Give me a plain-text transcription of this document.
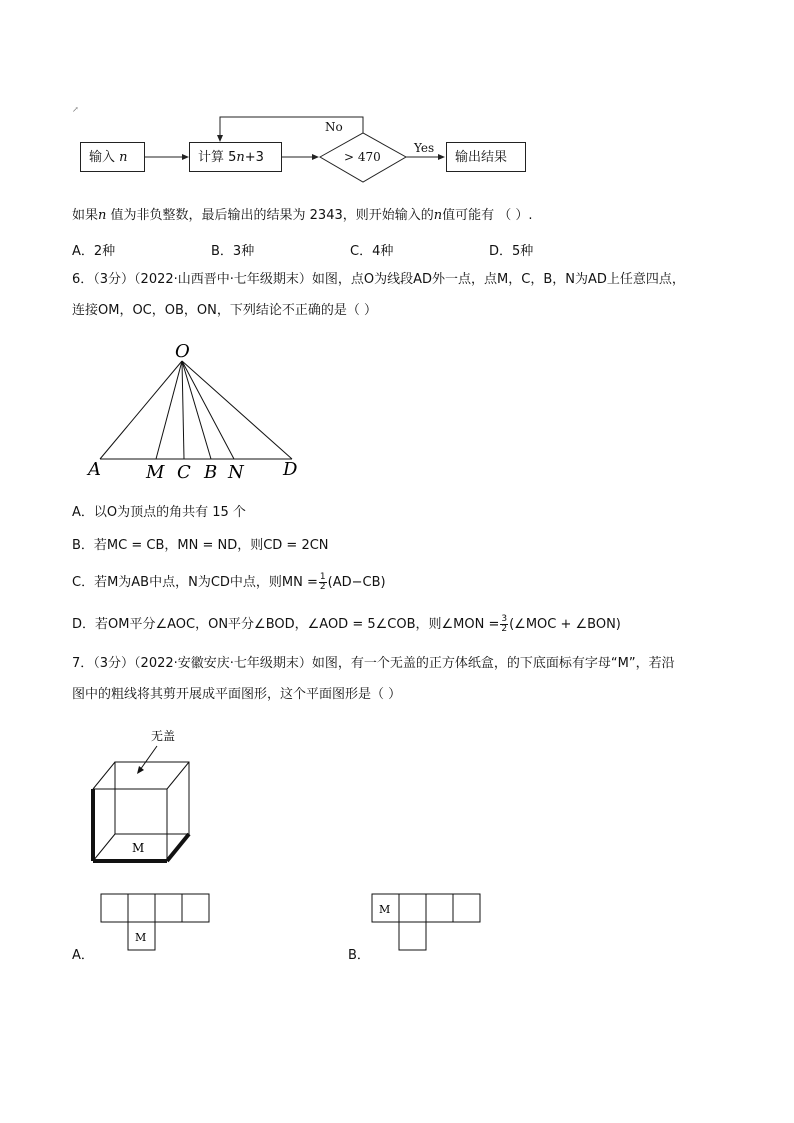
↗
No
Yes
> 470
输入 n	计算 5n+3	输出结果
如果n 值为非负整数，最后输出的结果为 2343，则开始输入的n值可能有 （ ）.
A．2种	B．3种	C．4种	D．5种
6．（3分）（2022·山西晋中·七年级期末）如图，点O为线段AD外一点，点M，C，B，N为AD上任意四点，
连接OM，OC，OB，ON，下列结论不正确的是（ ）
O
A	M C B N D
A．以O为顶点的角共有 15 个
B．若MC = CB，MN = ND，则CD = 2CN
C．若M为AB中点，N为CD中点，则MN = $\frac{1}{2} (AD-CB)$
D．若OM平分∠AOC，ON平分∠BOD，∠AOD = 5∠COB，则∠MON = $\frac{3}{2}$ (∠MOC + ∠BON)
7．（3分）（2022·安徽安庆·七年级期末）如图，有一个无盖的正方体纸盒，的下底面标有字母“M”，若沿
图中的粗线将其剪开展成平面图形，这个平面图形是（ ）
无盖
M
M
A．
M
B．
